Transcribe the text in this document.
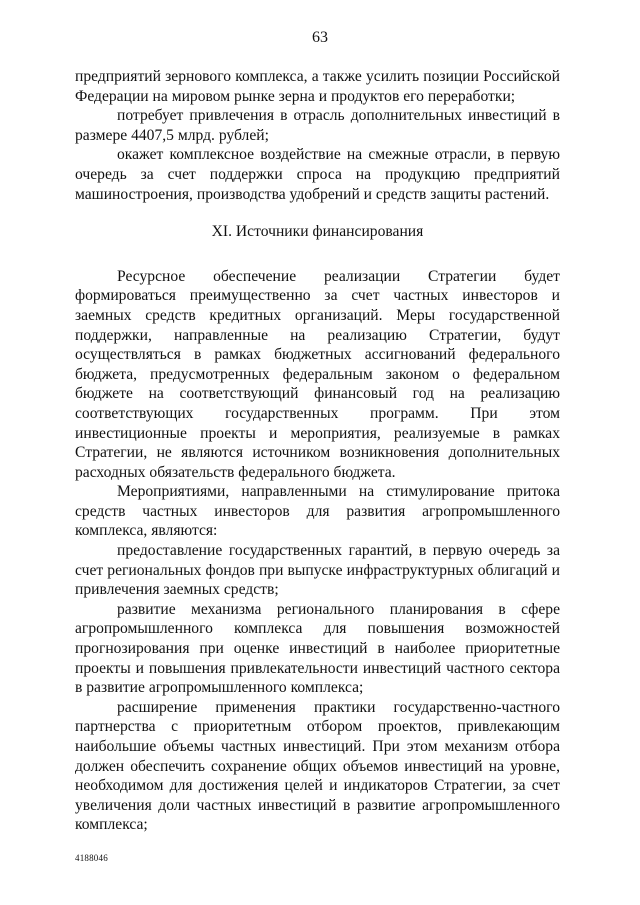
63

предприятий зернового комплекса, а также усилить позиции Российской Федерации на мировом рынке зерна и продуктов его переработки;

потребует привлечения в отрасль дополнительных инвестиций в размере 4407,5 млрд. рублей;

окажет комплексное воздействие на смежные отрасли, в первую очередь за счет поддержки спроса на продукцию предприятий машиностроения, производства удобрений и средств защиты растений.

XI. Источники финансирования

Ресурсное обеспечение реализации Стратегии будет формироваться преимущественно за счет частных инвесторов и заемных средств кредитных организаций. Меры государственной поддержки, направленные на реализацию Стратегии, будут осуществляться в рамках бюджетных ассигнований федерального бюджета, предусмотренных федеральным законом о федеральном бюджете на соответствующий финансовый год на реализацию соответствующих государственных программ. При этом инвестиционные проекты и мероприятия, реализуемые в рамках Стратегии, не являются источником возникновения дополнительных расходных обязательств федерального бюджета.

Мероприятиями, направленными на стимулирование притока средств частных инвесторов для развития агропромышленного комплекса, являются:

предоставление государственных гарантий, в первую очередь за счет региональных фондов при выпуске инфраструктурных облигаций и привлечения заемных средств;

развитие механизма регионального планирования в сфере агропромышленного комплекса для повышения возможностей прогнозирования при оценке инвестиций в наиболее приоритетные проекты и повышения привлекательности инвестиций частного сектора в развитие агропромышленного комплекса;

расширение применения практики государственно-частного партнерства с приоритетным отбором проектов, привлекающим наибольшие объемы частных инвестиций. При этом механизм отбора должен обеспечить сохранение общих объемов инвестиций на уровне, необходимом для достижения целей и индикаторов Стратегии, за счет увеличения доли частных инвестиций в развитие агропромышленного комплекса;

4188046
